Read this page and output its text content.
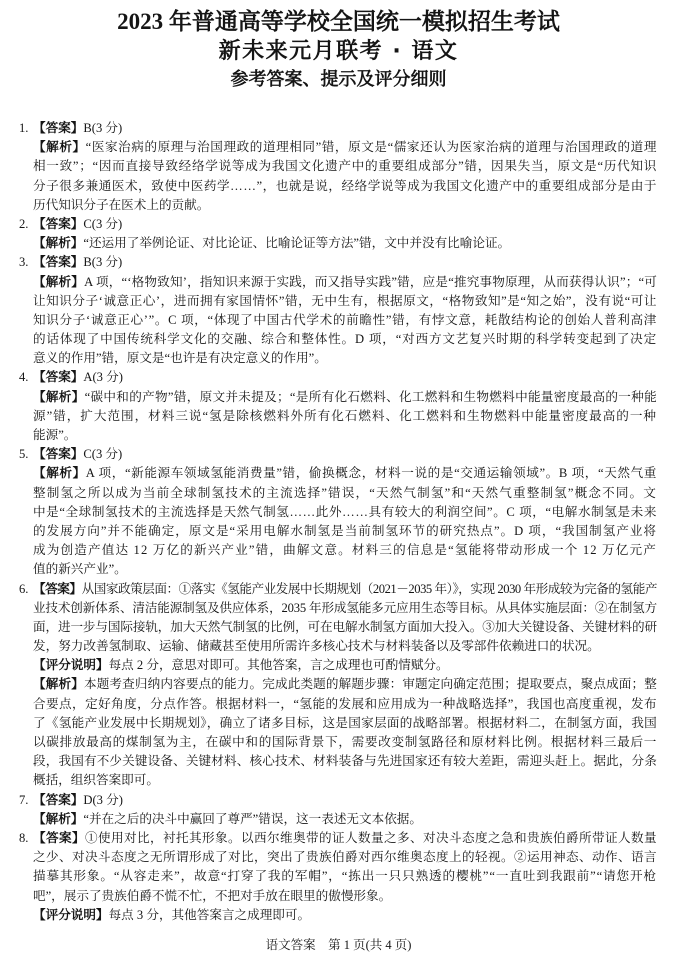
2023 年普通高等学校全国统一模拟招生考试
新未来元月联考 · 语文
参考答案、提示及评分细则
1. 【答案】B(3 分)
【解析】“医家治病的原理与治国理政的道理相同”错，原文是“儒家还认为医家治病的道理与治国理政的道理
相一致”；“因而直接导致经络学说等成为我国文化遗产中的重要组成部分”错，因果失当，原文是“历代知识
分子很多兼通医术，致使中医药学……”，也就是说，经络学说等成为我国文化遗产中的重要组成部分是由于
历代知识分子在医术上的贡献。
2. 【答案】C(3 分)
【解析】“还运用了举例论证、对比论证、比喻论证等方法”错，文中并没有比喻论证。
3. 【答案】B(3 分)
【解析】A 项，“‘格物致知’，指知识来源于实践，而又指导实践”错，应是“推究事物原理，从而获得认识”；“可
让知识分子‘诚意正心’，进而拥有家国情怀”错，无中生有，根据原文，“格物致知”是“知之始”，没有说“可让
知识分子‘诚意正心’”。C 项，“体现了中国古代学术的前瞻性”错，有悖文意，耗散结构论的创始人普利高津
的话体现了中国传统科学文化的交融、综合和整体性。D 项，“对西方文艺复兴时期的科学转变起到了决定
意义的作用”错，原文是“也许是有决定意义的作用”。
4. 【答案】A(3 分)
【解析】“碳中和的产物”错，原文并未提及；“是所有化石燃料、化工燃料和生物燃料中能量密度最高的一种能
源”错，扩大范围，材料三说“氢是除核燃料外所有化石燃料、化工燃料和生物燃料中能量密度最高的一种
能源”。
5. 【答案】C(3 分)
【解析】A 项，“新能源车领域氢能消费量”错，偷换概念，材料一说的是“交通运输领域”。B 项，“天然气重
整制氢之所以成为当前全球制氢技术的主流选择”错误，“天然气制氢”和“天然气重整制氢”概念不同。文
中是“全球制氢技术的主流选择是天然气制氢……此外……具有较大的利润空间”。C 项，“电解水制氢是未来
的发展方向”并不能确定，原文是“采用电解水制氢是当前制氢环节的研究热点”。D 项，“我国制氢产业将
成为创造产值达 12 万亿的新兴产业”错，曲解文意。材料三的信息是“氢能将带动形成一个 12 万亿元产
值的新兴产业”。
6. 【答案】从国家政策层面：①落实《氢能产业发展中长期规划（2021－2035 年）》，实现 2030 年形成较为完备的氢能产
业技术创新体系、清洁能源制氢及供应体系，2035 年形成氢能多元应用生态等目标。从具体实施层面：②在制氢方
面，进一步与国际接轨，加大天然气制氢的比例，可在电解水制氢方面加大投入。③加大关键设备、关键材料的研
发，努力改善氢制取、运输、储藏甚至使用所需许多核心技术与材料装备以及零部件依赖进口的状况。
【评分说明】每点 2 分，意思对即可。其他答案，言之成理也可酌情赋分。
【解析】本题考查归纳内容要点的能力。完成此类题的解题步骤：审题定向确定范围；提取要点，聚点成面；整
合要点，定好角度，分点作答。根据材料一，“氢能的发展和应用成为一种战略选择”，我国也高度重视，发布
了《氢能产业发展中长期规划》，确立了诸多目标，这是国家层面的战略部署。根据材料二，在制氢方面，我国
以碳排放最高的煤制氢为主，在碳中和的国际背景下，需要改变制氢路径和原材料比例。根据材料三最后一
段，我国有不少关键设备、关键材料、核心技术、材料装备与先进国家还有较大差距，需迎头赶上。据此，分条
概括，组织答案即可。
7. 【答案】D(3 分)
【解析】“并在之后的决斗中赢回了尊严”错误，这一表述无文本依据。
8. 【答案】①使用对比，衬托其形象。以西尔维奥带的证人数量之多、对决斗态度之急和贵族伯爵所带证人数量
之少、对决斗态度之无所谓形成了对比，突出了贵族伯爵对西尔维奥态度上的轻视。②运用神态、动作、语言
描摹其形象。“从容走来”，故意“打穿了我的军帽”，“拣出一只只熟透的樱桃”“一直吐到我跟前”“请您开枪
吧”，展示了贵族伯爵不慌不忙，不把对手放在眼里的傲慢形象。
【评分说明】每点 3 分，其他答案言之成理即可。
语文答案　第 1 页(共 4 页)
